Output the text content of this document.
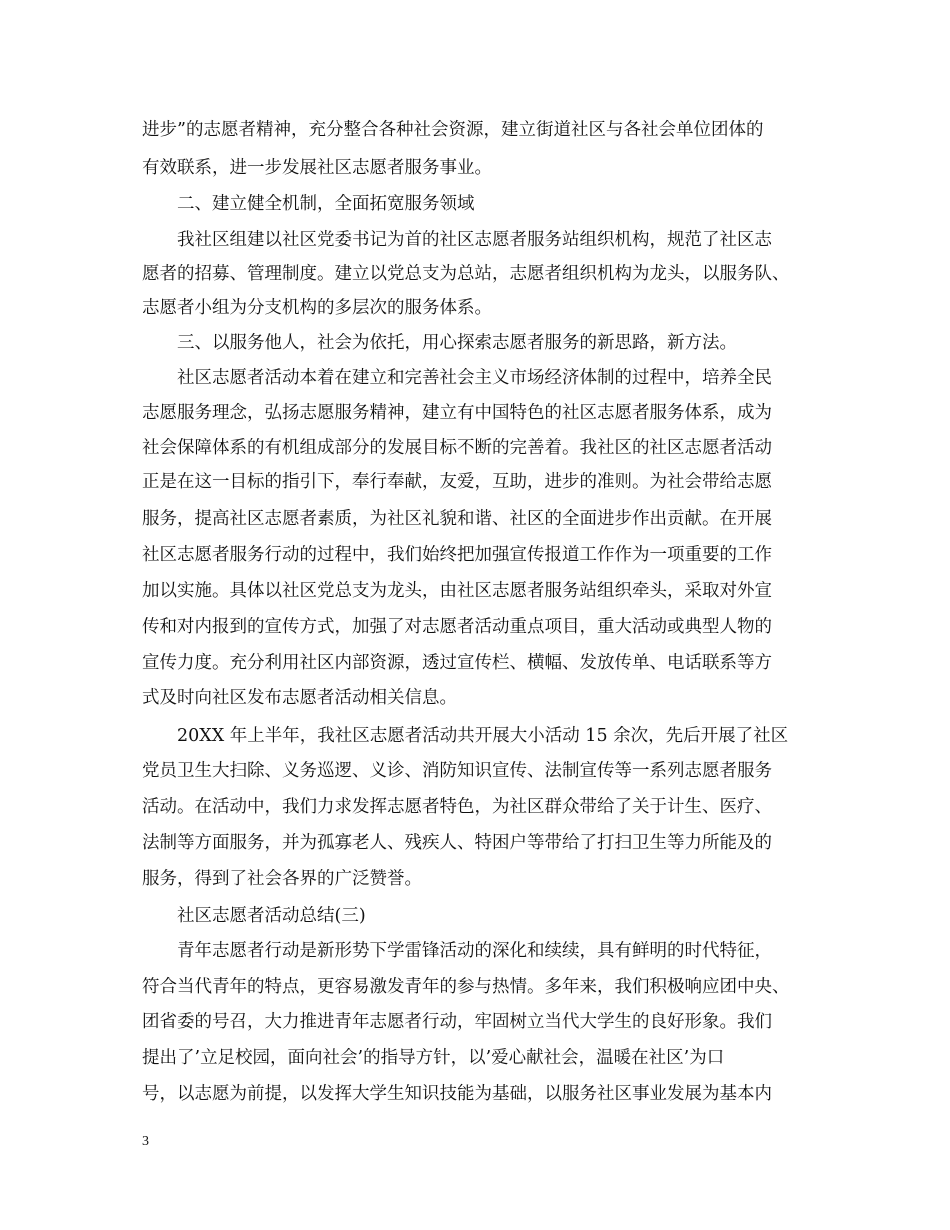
进步”的志愿者精神，充分整合各种社会资源，建立街道社区与各社会单位团体的

有效联系，进一步发展社区志愿者服务事业。

二、建立健全机制，全面拓宽服务领域

我社区组建以社区党委书记为首的社区志愿者服务站组织机构，规范了社区志

愿者的招募、管理制度。建立以党总支为总站，志愿者组织机构为龙头，以服务队、

志愿者小组为分支机构的多层次的服务体系。

三、以服务他人，社会为依托，用心探索志愿者服务的新思路，新方法。

社区志愿者活动本着在建立和完善社会主义市场经济体制的过程中，培养全民

志愿服务理念，弘扬志愿服务精神，建立有中国特色的社区志愿者服务体系，成为

社会保障体系的有机组成部分的发展目标不断的完善着。我社区的社区志愿者活动

正是在这一目标的指引下，奉行奉献，友爱，互助，进步的准则。为社会带给志愿

服务，提高社区志愿者素质，为社区礼貌和谐、社区的全面进步作出贡献。在开展

社区志愿者服务行动的过程中，我们始终把加强宣传报道工作作为一项重要的工作

加以实施。具体以社区党总支为龙头，由社区志愿者服务站组织牵头，采取对外宣

传和对内报到的宣传方式，加强了对志愿者活动重点项目，重大活动或典型人物的

宣传力度。充分利用社区内部资源，透过宣传栏、横幅、发放传单、电话联系等方

式及时向社区发布志愿者活动相关信息。

20XX 年上半年，我社区志愿者活动共开展大小活动 15 余次，先后开展了社区

党员卫生大扫除、义务巡逻、义诊、消防知识宣传、法制宣传等一系列志愿者服务

活动。在活动中，我们力求发挥志愿者特色，为社区群众带给了关于计生、医疗、

法制等方面服务，并为孤寡老人、残疾人、特困户等带给了打扫卫生等力所能及的

服务，得到了社会各界的广泛赞誉。

社区志愿者活动总结(三)

青年志愿者行动是新形势下学雷锋活动的深化和续续，具有鲜明的时代特征，

符合当代青年的特点，更容易激发青年的参与热情。多年来，我们积极响应团中央、

团省委的号召，大力推进青年志愿者行动，牢固树立当代大学生的良好形象。我们

提出了’立足校园，面向社会’的指导方针，以’爱心献社会，温暖在社区’为口

号，以志愿为前提，以发挥大学生知识技能为基础，以服务社区事业发展为基本内

3
